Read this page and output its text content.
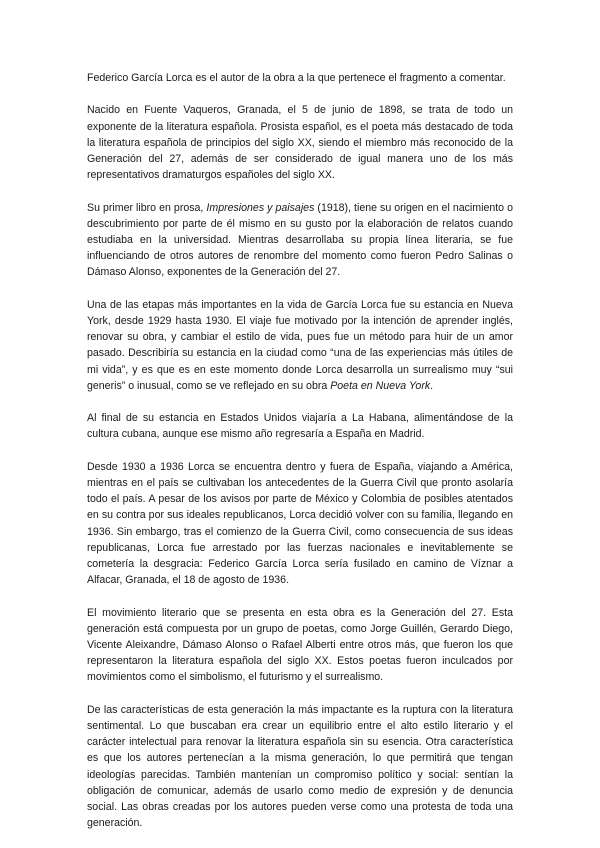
Federico García Lorca es el autor de la obra a la que pertenece el fragmento a comentar.

Nacido en Fuente Vaqueros, Granada, el 5 de junio de 1898, se trata de todo un exponente de la literatura española. Prosista español, es el poeta más destacado de toda la literatura española de principios del siglo XX, siendo el miembro más reconocido de la Generación del 27, además de ser considerado de igual manera uno de los más representativos dramaturgos españoles del siglo XX.

Su primer libro en prosa, Impresiones y paisajes (1918), tiene su origen en el nacimiento o descubrimiento por parte de él mismo en su gusto por la elaboración de relatos cuando estudiaba en la universidad. Mientras desarrollaba su propia línea literaria, se fue influenciando de otros autores de renombre del momento como fueron Pedro Salinas o Dámaso Alonso, exponentes de la Generación del 27.

Una de las etapas más importantes en la vida de García Lorca fue su estancia en Nueva York, desde 1929 hasta 1930. El viaje fue motivado por la intención de aprender inglés, renovar su obra, y cambiar el estilo de vida, pues fue un método para huir de un amor pasado. Describiría su estancia en la ciudad como “una de las experiencias más útiles de mi vida”, y es que es en este momento donde Lorca desarrolla un surrealismo muy “sui generis” o inusual, como se ve reflejado en su obra Poeta en Nueva York.

Al final de su estancia en Estados Unidos viajaría a La Habana, alimentándose de la cultura cubana, aunque ese mismo año regresaría a España en Madrid.

Desde 1930 a 1936 Lorca se encuentra dentro y fuera de España, viajando a América, mientras en el país se cultivaban los antecedentes de la Guerra Civil que pronto asolaría todo el país. A pesar de los avisos por parte de México y Colombia de posibles atentados en su contra por sus ideales republicanos, Lorca decidió volver con su familia, llegando en 1936. Sin embargo, tras el comienzo de la Guerra Civil, como consecuencia de sus ideas republicanas, Lorca fue arrestado por las fuerzas nacionales e inevitablemente se cometería la desgracia: Federico García Lorca sería fusilado en camino de Víznar a Alfacar, Granada, el 18 de agosto de 1936.

El movimiento literario que se presenta en esta obra es la Generación del 27. Esta generación está compuesta por un grupo de poetas, como Jorge Guillén, Gerardo Diego, Vicente Aleixandre, Dámaso Alonso o Rafael Alberti entre otros más, que fueron los que representaron la literatura española del siglo XX. Estos poetas fueron inculcados por movimientos como el simbolismo, el futurismo y el surrealismo.

De las características de esta generación la más impactante es la ruptura con la literatura sentimental. Lo que buscaban era crear un equilibrio entre el alto estilo literario y el carácter intelectual para renovar la literatura española sin su esencia. Otra característica es que los autores pertenecían a la misma generación, lo que permitirá que tengan ideologías parecidas. También mantenían un compromiso político y social: sentían la obligación de comunicar, además de usarlo como medio de expresión y de denuncia social. Las obras creadas por los autores pueden verse como una protesta de toda una generación.
